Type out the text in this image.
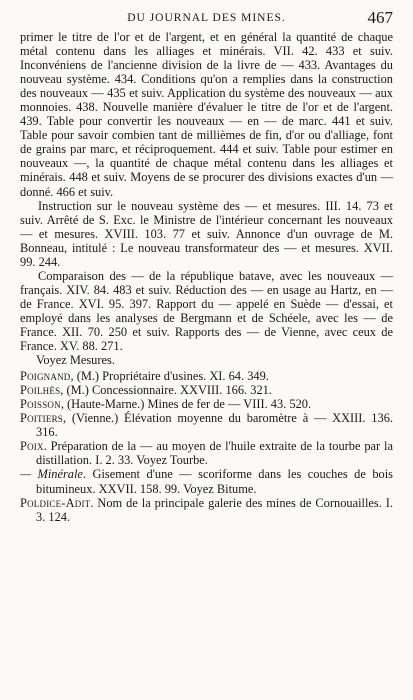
DU JOURNAL DES MINES.	467

primer le titre de l'or et de l'argent, et en général la quantité de chaque métal contenu dans les alliages et minérais. VII. 42. 433 et suiv. Inconvéniens de l'ancienne division de la livre de — 433. Avantages du nouveau système. 434. Conditions qu'on a remplies dans la construction des nouveaux — 435 et suiv. Application du système des nouveaux — aux monnoies. 438. Nouvelle manière d'évaluer le titre de l'or et de l'argent. 439. Table pour convertir les nouveaux — en — de marc. 441 et suiv. Table pour savoir combien tant de millièmes de fin, d'or ou d'alliage, font de grains par marc, et réciproquement. 444 et suiv. Table pour estimer en nouveaux —, la quantité de chaque métal contenu dans les alliages et minérais. 448 et suiv. Moyens de se procurer des divisions exactes d'un — donné. 466 et suiv.

Instruction sur le nouveau système des — et mesures. III. 14. 73 et suiv. Arrêté de S. Exc. le Ministre de l'intérieur concernant les nouveaux — et mesures. XVIII. 103. 77 et suiv. Annonce d'un ouvrage de M. Bonneau, intitulé : Le nouveau transformateur des — et mesures. XVII. 99. 244.

Comparaison des — de la république batave, avec les nouveaux — français. XIV. 84. 483 et suiv. Réduction des — en usage au Hartz, en — de France. XVI. 95. 397. Rapport du — appelé en Suède — d'essai, et employé dans les analyses de Bergmann et de Schéele, avec les — de France. XII. 70. 250 et suiv. Rapports des — de Vienne, avec ceux de France. XV. 88. 271.

Voyez Mesures.

Poignand, (M.) Propriétaire d'usines. XI. 64. 349.

Poilhès, (M.) Concessionnaire. XXVIII. 166. 321.

Poisson, (Haute-Marne.) Mines de fer de — VIII. 43. 520.

Poitiers, (Vienne.) Élévation moyenne du baromètre à — XXIII. 136. 316.

Poix. Préparation de la — au moyen de l'huile extraite de la tourbe par la distillation. I. 2. 33. Voyez Tourbe.

— Minérale. Gisement d'une — scoriforme dans les couches de bois bitumineux. XXVII. 158. 99. Voyez Bitume.

Poldice-Adit. Nom de la principale galerie des mines de Cornouailles. I. 3. 124.
